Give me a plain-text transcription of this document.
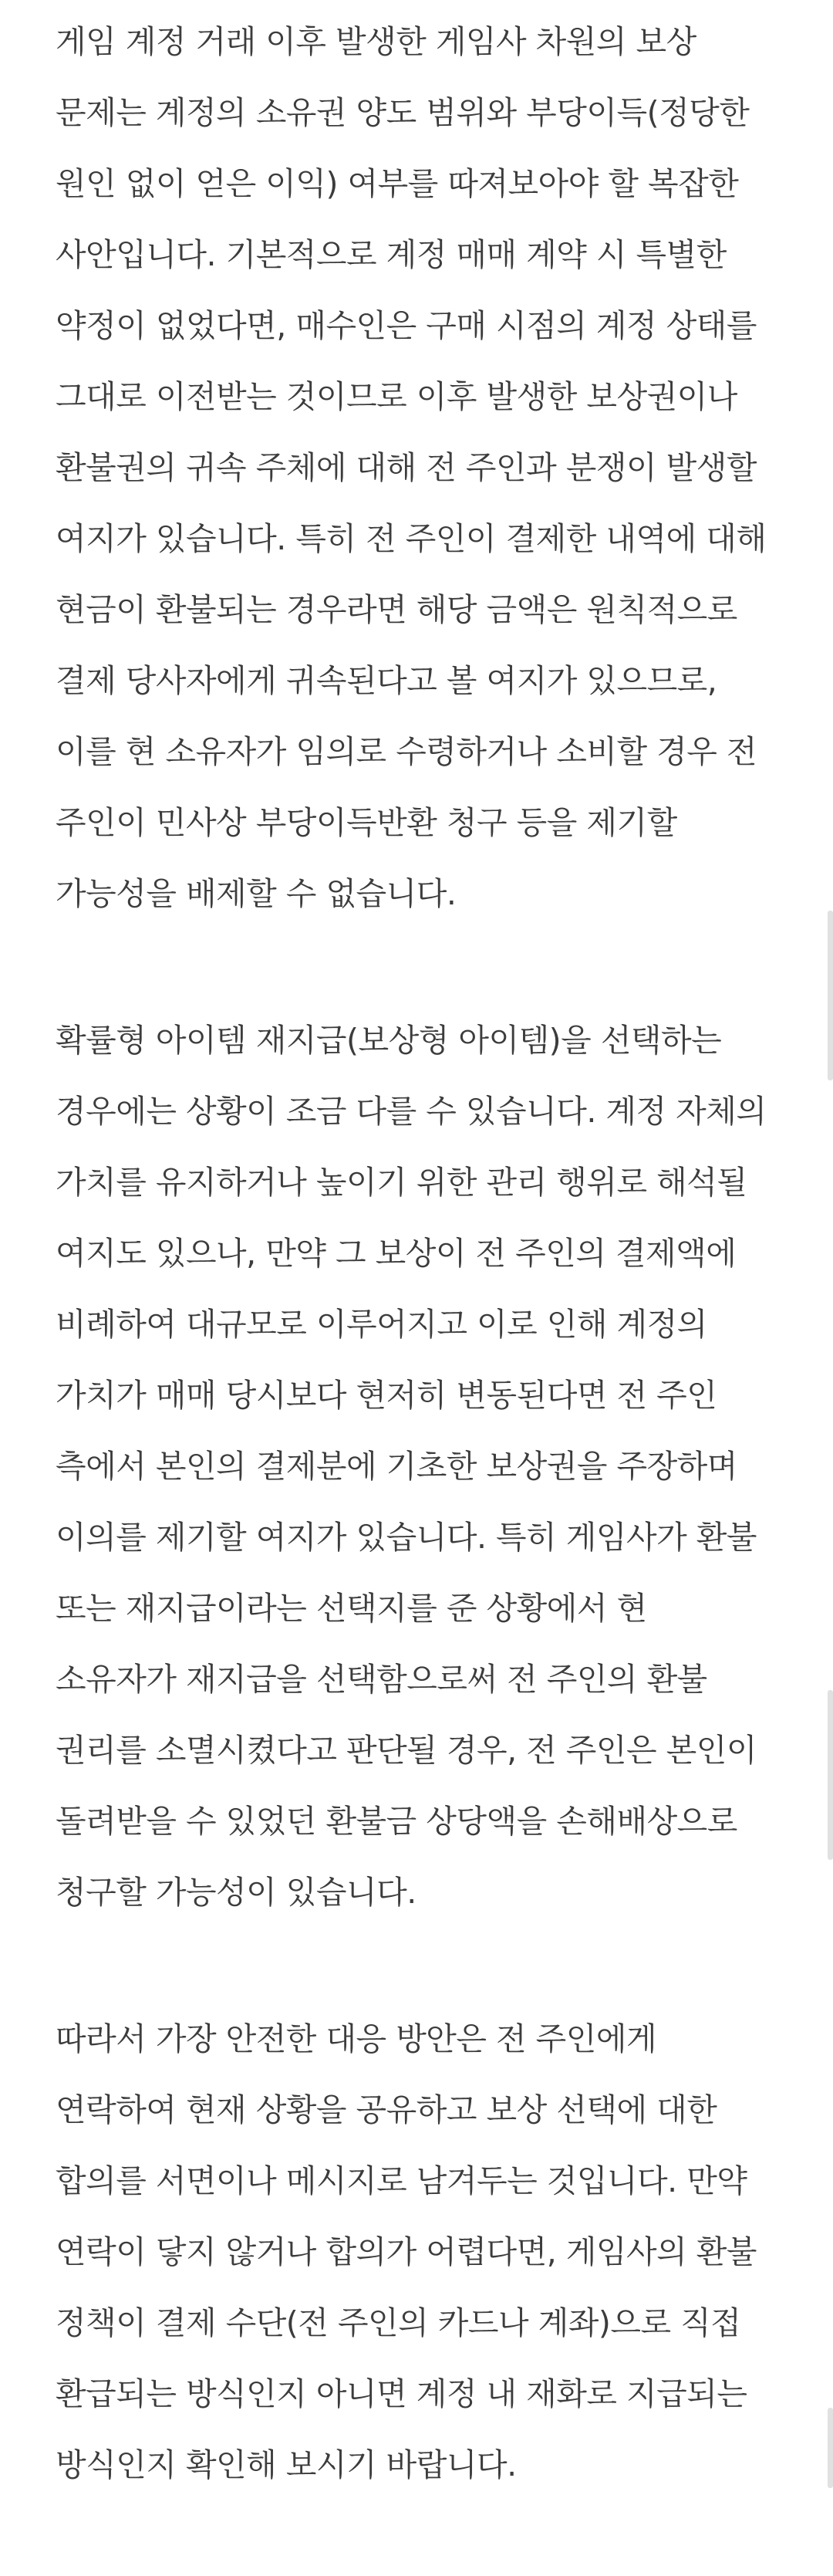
게임 계정 거래 이후 발생한 게임사 차원의 보상 문제는 계정의 소유권 양도 범위와 부당이득(정당한 원인 없이 얻은 이익) 여부를 따져보아야 할 복잡한 사안입니다. 기본적으로 계정 매매 계약 시 특별한 약정이 없었다면, 매수인은 구매 시점의 계정 상태를 그대로 이전받는 것이므로 이후 발생한 보상권이나 환불권의 귀속 주체에 대해 전 주인과 분쟁이 발생할 여지가 있습니다. 특히 전 주인이 결제한 내역에 대해 현금이 환불되는 경우라면 해당 금액은 원칙적으로 결제 당사자에게 귀속된다고 볼 여지가 있으므로, 이를 현 소유자가 임의로 수령하거나 소비할 경우 전 주인이 민사상 부당이득반환 청구 등을 제기할 가능성을 배제할 수 없습니다.

확률형 아이템 재지급(보상형 아이템)을 선택하는 경우에는 상황이 조금 다를 수 있습니다. 계정 자체의 가치를 유지하거나 높이기 위한 관리 행위로 해석될 여지도 있으나, 만약 그 보상이 전 주인의 결제액에 비례하여 대규모로 이루어지고 이로 인해 계정의 가치가 매매 당시보다 현저히 변동된다면 전 주인 측에서 본인의 결제분에 기초한 보상권을 주장하며 이의를 제기할 여지가 있습니다. 특히 게임사가 환불 또는 재지급이라는 선택지를 준 상황에서 현 소유자가 재지급을 선택함으로써 전 주인의 환불 권리를 소멸시켰다고 판단될 경우, 전 주인은 본인이 돌려받을 수 있었던 환불금 상당액을 손해배상으로 청구할 가능성이 있습니다.

따라서 가장 안전한 대응 방안은 전 주인에게 연락하여 현재 상황을 공유하고 보상 선택에 대한 합의를 서면이나 메시지로 남겨두는 것입니다. 만약 연락이 닿지 않거나 합의가 어렵다면, 게임사의 환불 정책이 결제 수단(전 주인의 카드나 계좌)으로 직접 환급되는 방식인지 아니면 계정 내 재화로 지급되는 방식인지 확인해 보시기 바랍니다.
